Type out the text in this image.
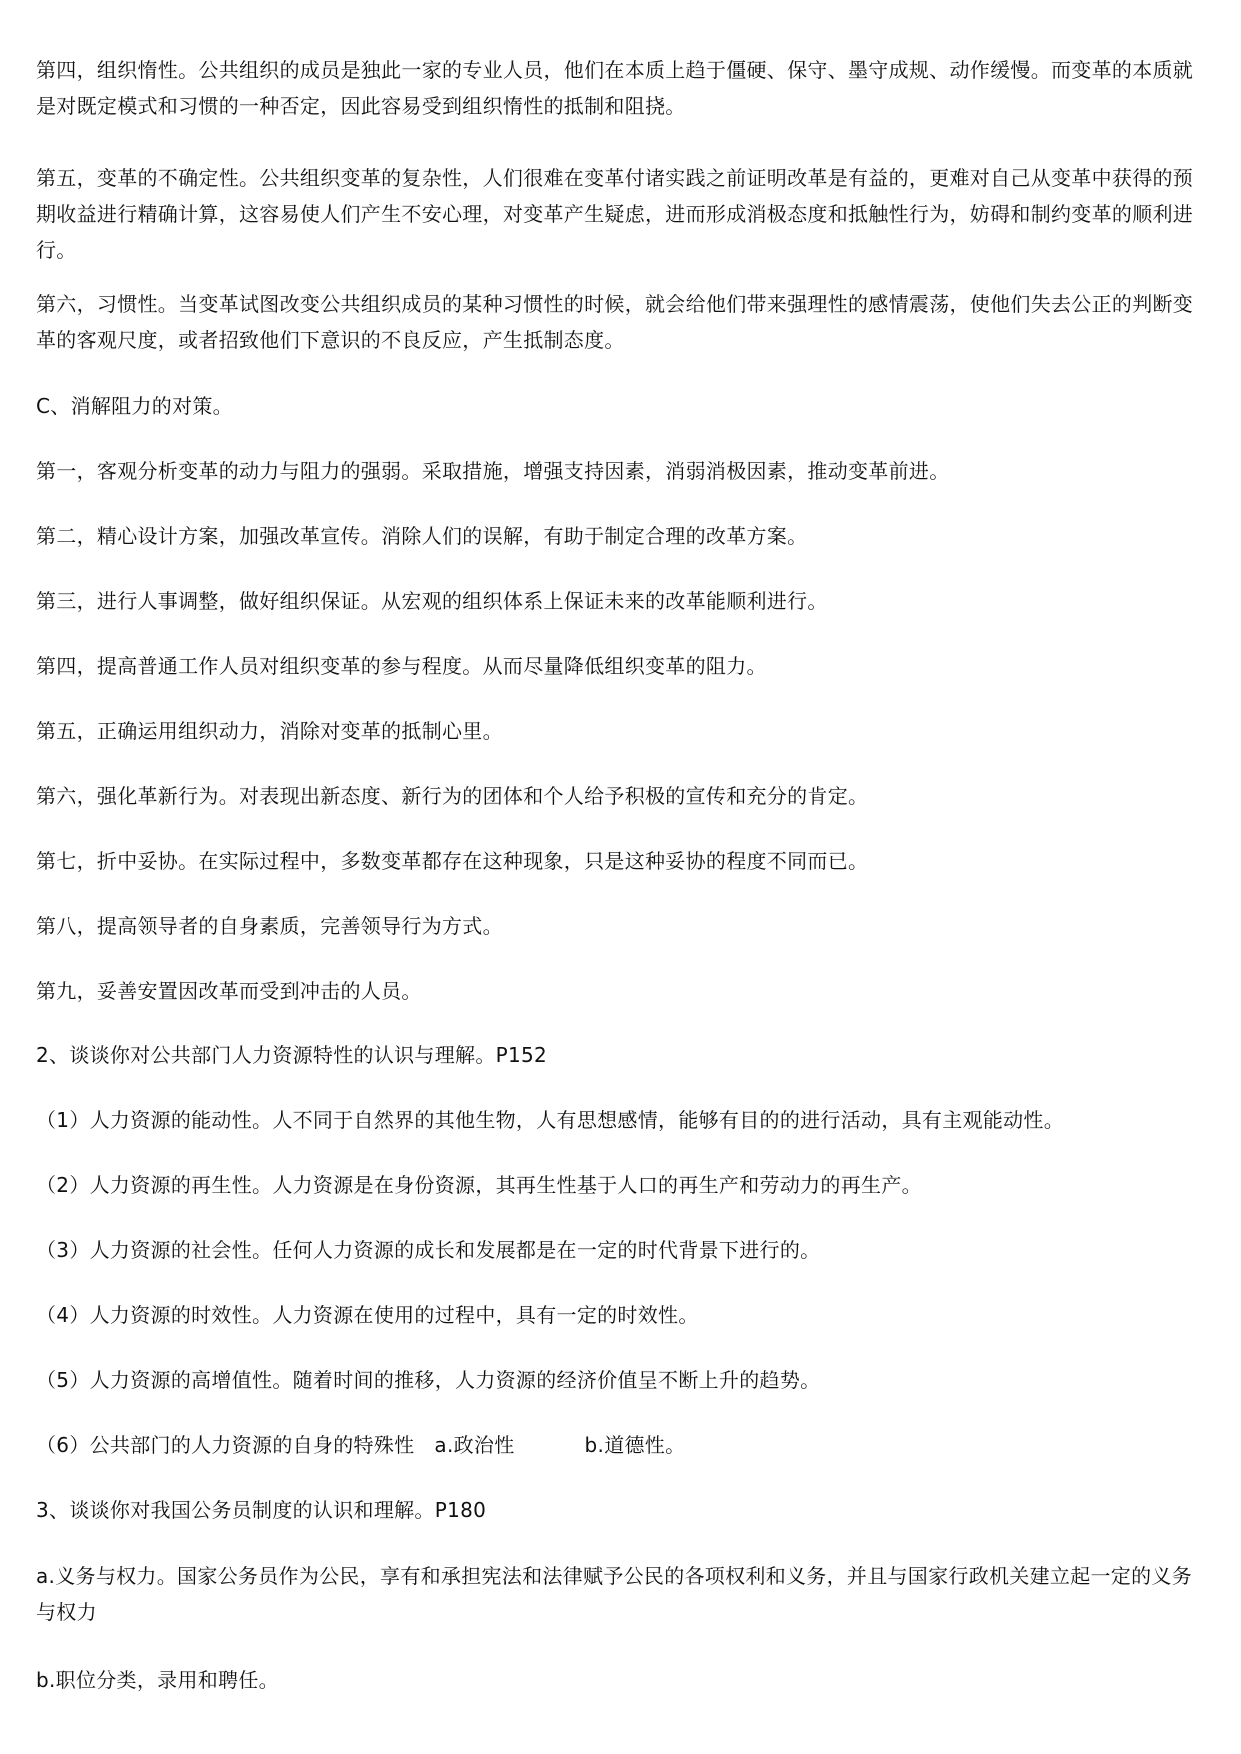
第四，组织惰性。公共组织的成员是独此一家的专业人员，他们在本质上趋于僵硬、保守、墨守成规、动作缓慢。而变革的本质就是对既定模式和习惯的一种否定，因此容易受到组织惰性的抵制和阻挠。

第五，变革的不确定性。公共组织变革的复杂性，人们很难在变革付诸实践之前证明改革是有益的，更难对自己从变革中获得的预期收益进行精确计算，这容易使人们产生不安心理，对变革产生疑虑，进而形成消极态度和抵触性行为，妨碍和制约变革的顺利进行。

第六，习惯性。当变革试图改变公共组织成员的某种习惯性的时候，就会给他们带来强理性的感情震荡，使他们失去公正的判断变革的客观尺度，或者招致他们下意识的不良反应，产生抵制态度。

C、消解阻力的对策。

第一，客观分析变革的动力与阻力的强弱。采取措施，增强支持因素，消弱消极因素，推动变革前进。

第二，精心设计方案，加强改革宣传。消除人们的误解，有助于制定合理的改革方案。

第三，进行人事调整，做好组织保证。从宏观的组织体系上保证未来的改革能顺利进行。

第四，提高普通工作人员对组织变革的参与程度。从而尽量降低组织变革的阻力。

第五，正确运用组织动力，消除对变革的抵制心里。

第六，强化革新行为。对表现出新态度、新行为的团体和个人给予积极的宣传和充分的肯定。

第七，折中妥协。在实际过程中，多数变革都存在这种现象，只是这种妥协的程度不同而已。

第八，提高领导者的自身素质，完善领导行为方式。

第九，妥善安置因改革而受到冲击的人员。

2、谈谈你对公共部门人力资源特性的认识与理解。P152

（1）人力资源的能动性。人不同于自然界的其他生物，人有思想感情，能够有目的的进行活动，具有主观能动性。

（2）人力资源的再生性。人力资源是在身份资源，其再生性基于人口的再生产和劳动力的再生产。

（3）人力资源的社会性。任何人力资源的成长和发展都是在一定的时代背景下进行的。

（4）人力资源的时效性。人力资源在使用的过程中，具有一定的时效性。

（5）人力资源的高增值性。随着时间的推移，人力资源的经济价值呈不断上升的趋势。

（6）公共部门的人力资源的自身的特殊性 a.政治性	b.道德性。

3、谈谈你对我国公务员制度的认识和理解。P180

a.义务与权力。国家公务员作为公民，享有和承担宪法和法律赋予公民的各项权利和义务，并且与国家行政机关建立起一定的义务与权力

b.职位分类，录用和聘任。
